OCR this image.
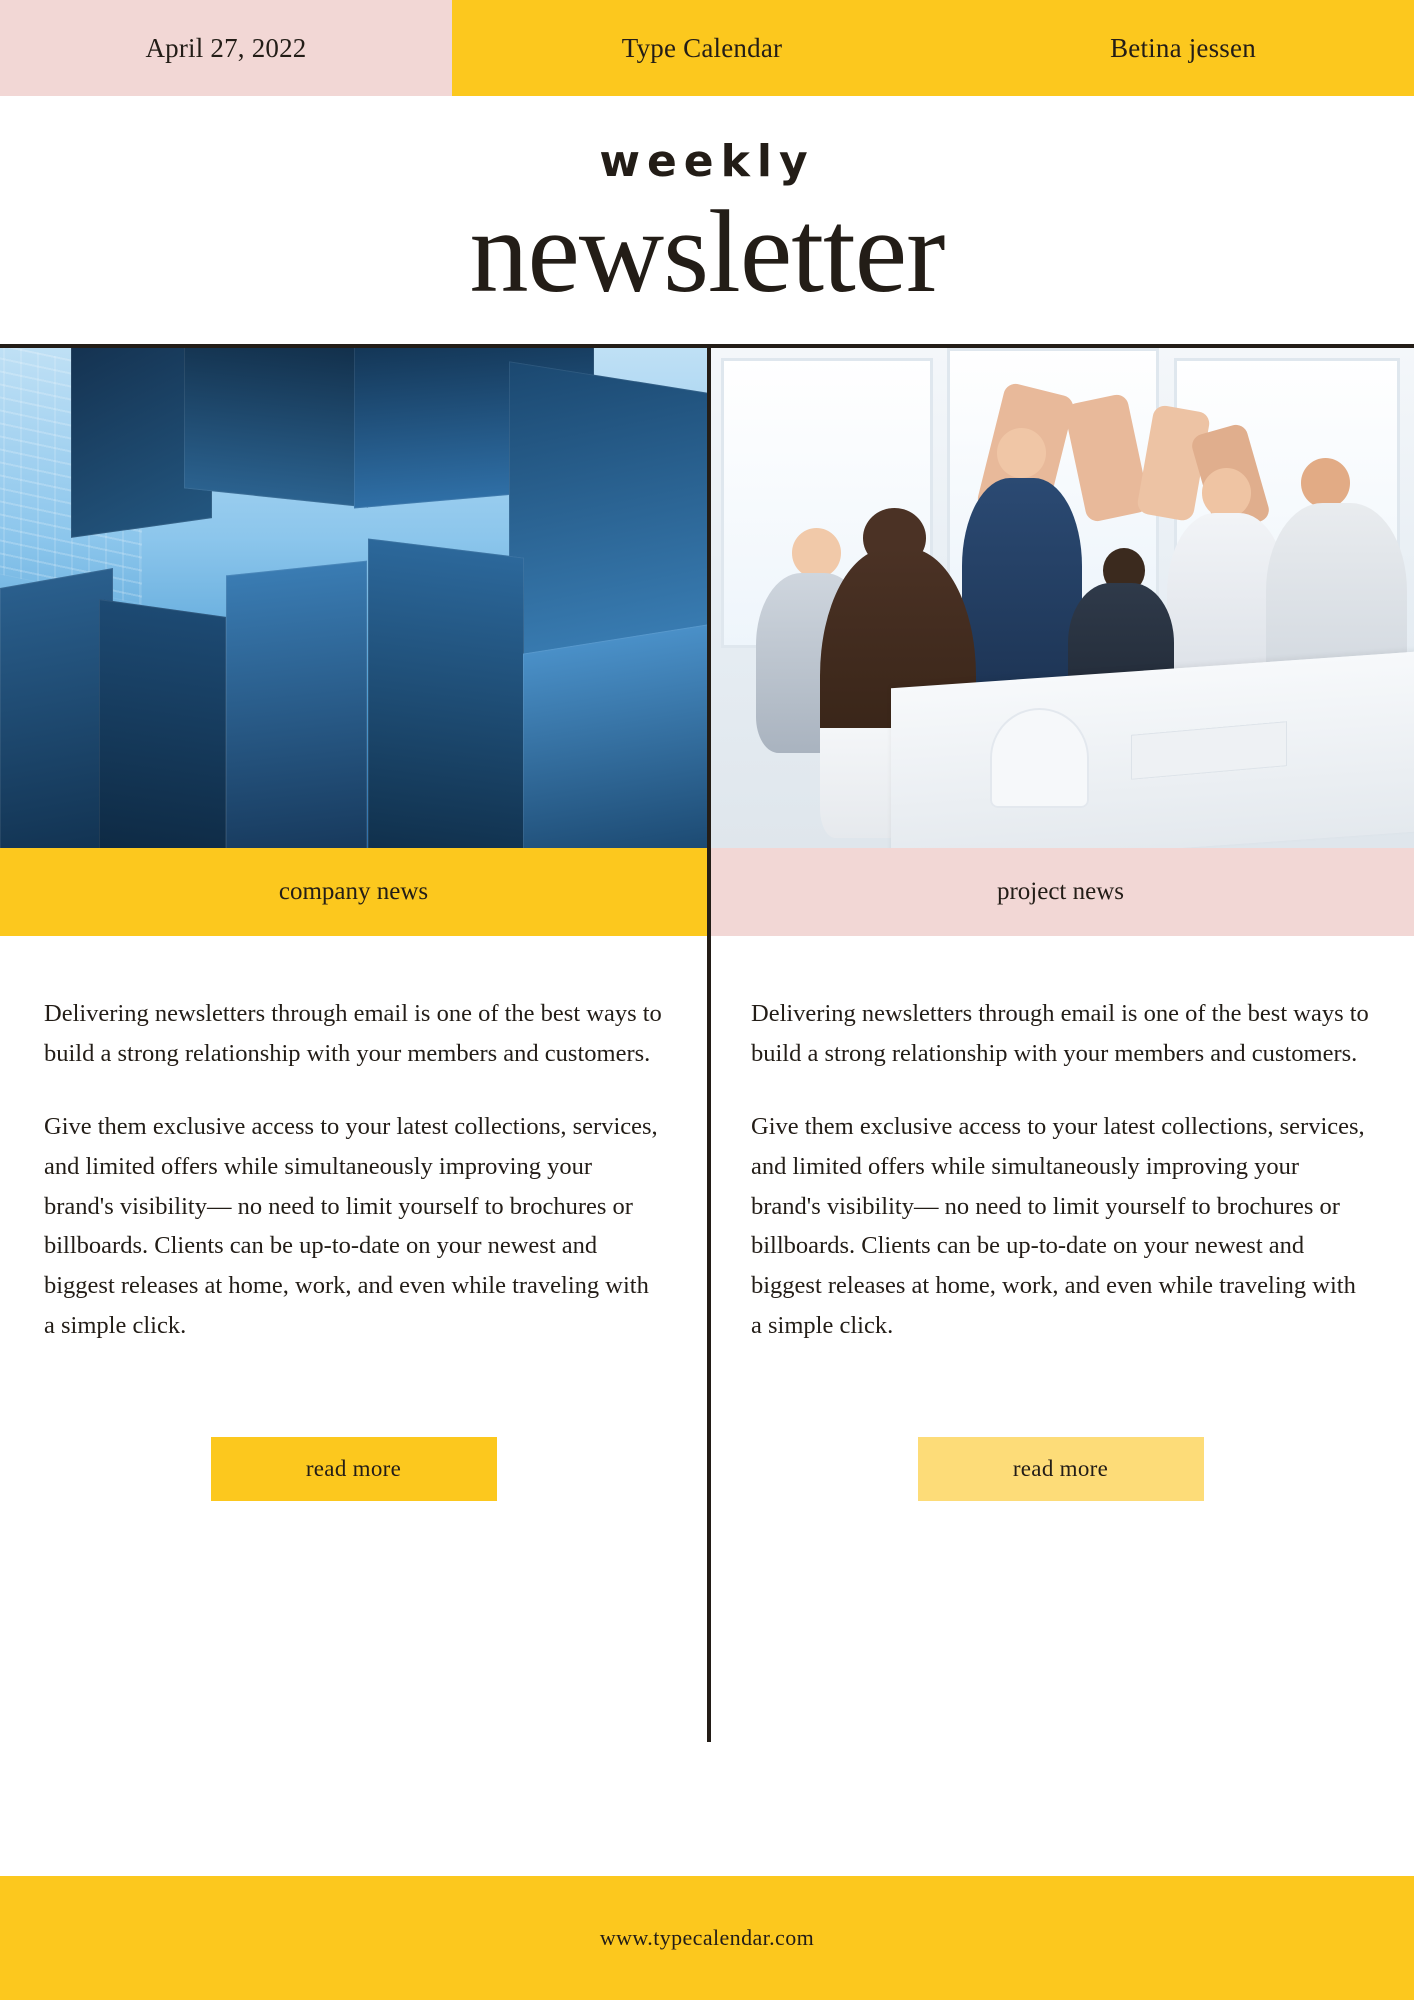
April 27, 2022	Type Calendar	Betina jessen
weekly
newsletter
company news

Delivering newsletters through email is one of the best ways to build a strong relationship with your members and customers.

Give them exclusive access to your latest collections, services, and limited offers while simultaneously improving your brand's visibility— no need to limit yourself to brochures or billboards. Clients can be up-to-date on your newest and biggest releases at home, work, and even while traveling with a simple click.

read more
project news

Delivering newsletters through email is one of the best ways to build a strong relationship with your members and customers.

Give them exclusive access to your latest collections, services, and limited offers while simultaneously improving your brand's visibility— no need to limit yourself to brochures or billboards. Clients can be up-to-date on your newest and biggest releases at home, work, and even while traveling with a simple click.

read more
www.typecalendar.com
